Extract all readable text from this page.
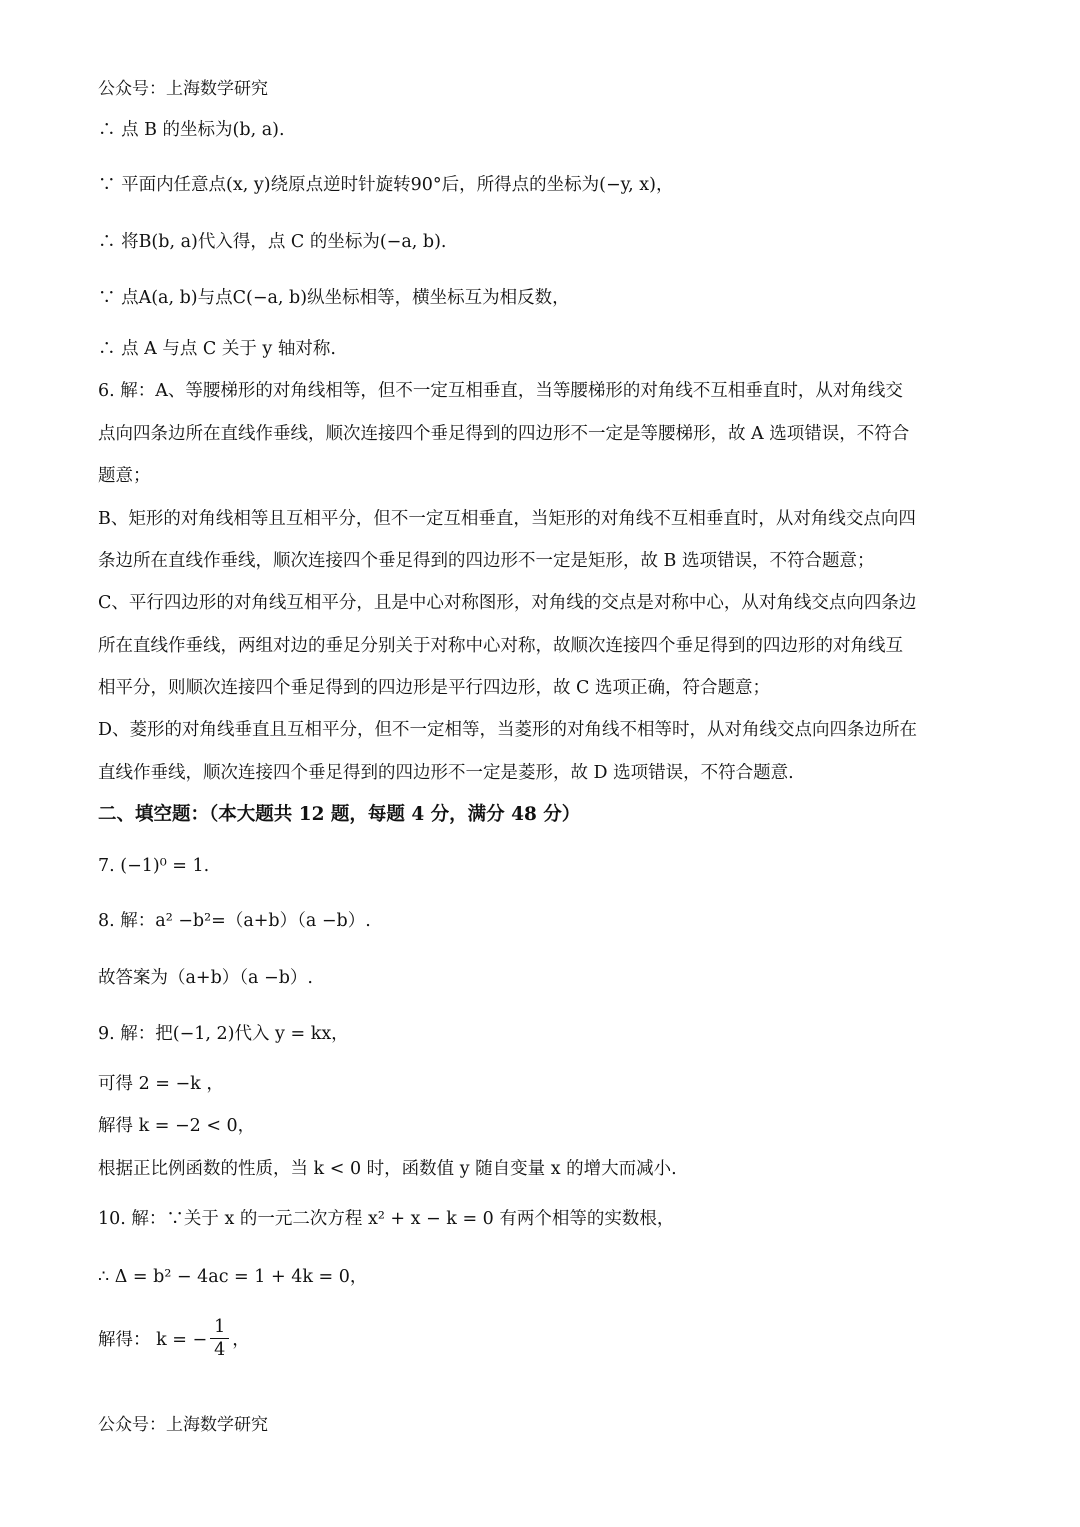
公众号：上海数学研究
∴ 点 B 的坐标为(b, a).
∵ 平面内任意点(x, y)绕原点逆时针旋转90°后，所得点的坐标为(−y, x)，
∴ 将B(b, a)代入得，点 C 的坐标为(−a, b).
∵ 点A(a, b)与点C(−a, b)纵坐标相等，横坐标互为相反数，
∴ 点 A 与点 C 关于 y 轴对称.
6. 解：A、等腰梯形的对角线相等，但不一定互相垂直，当等腰梯形的对角线不互相垂直时，从对角线交
点向四条边所在直线作垂线，顺次连接四个垂足得到的四边形不一定是等腰梯形，故 A 选项错误，不符合
题意；
B、矩形的对角线相等且互相平分，但不一定互相垂直，当矩形的对角线不互相垂直时，从对角线交点向四
条边所在直线作垂线，顺次连接四个垂足得到的四边形不一定是矩形，故 B 选项错误，不符合题意；
C、平行四边形的对角线互相平分，且是中心对称图形，对角线的交点是对称中心，从对角线交点向四条边
所在直线作垂线，两组对边的垂足分别关于对称中心对称，故顺次连接四个垂足得到的四边形的对角线互
相平分，则顺次连接四个垂足得到的四边形是平行四边形，故 C 选项正确，符合题意；
D、菱形的对角线垂直且互相平分，但不一定相等，当菱形的对角线不相等时，从对角线交点向四条边所在
直线作垂线，顺次连接四个垂足得到的四边形不一定是菱形，故 D 选项错误，不符合题意.
二、填空题：（本大题共 12 题，每题 4 分，满分 48 分）
7. (−1)⁰ = 1.
8. 解：a² −b²=（a+b）（a −b）.
故答案为（a+b）（a −b）.
9. 解：把(−1, 2)代入 y = kx，
可得 2 = −k ，
解得 k = −2 < 0，
根据正比例函数的性质，当 k < 0 时，函数值 y 随自变量 x 的增大而减小.
10. 解：∵关于 x 的一元二次方程 x² + x − k = 0 有两个相等的实数根，
∴ Δ = b² − 4ac = 1 + 4k = 0，
解得： k = − $\frac{1}{4}$ ，
公众号：上海数学研究
